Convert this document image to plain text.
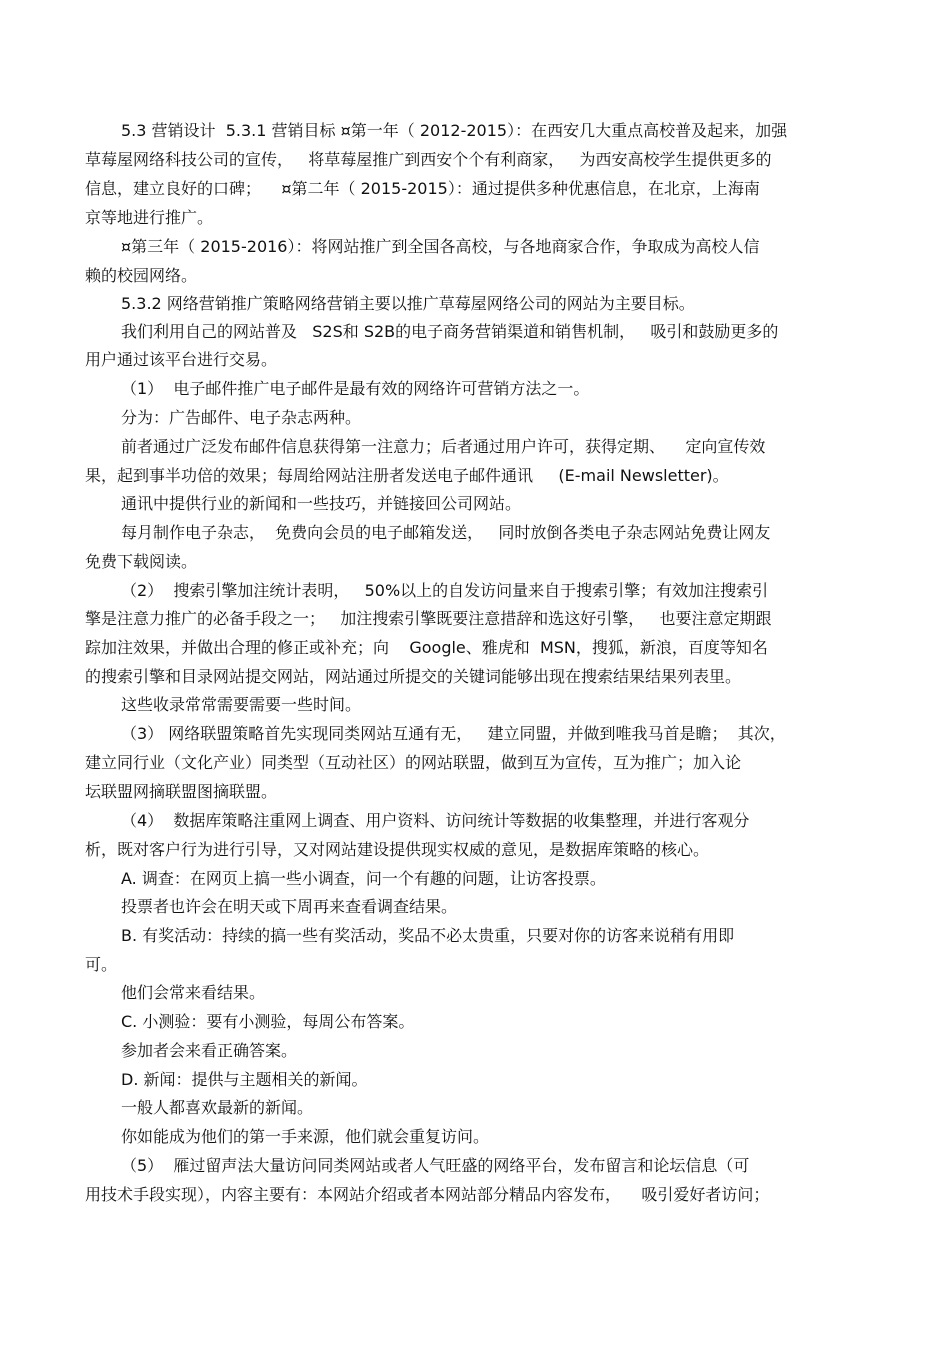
5.3 营销设计  5.3.1 营销目标 ¤第一年（ 2012-2015）：在西安几大重点高校普及起来，加强
草莓屋网络科技公司的宣传，   将草莓屋推广到西安个个有利商家，   为西安高校学生提供更多的
信息，建立良好的口碑；    ¤第二年（ 2015-2015）：通过提供多种优惠信息，在北京，上海南
京等地进行推广。
¤第三年（ 2015-2016）：将网站推广到全国各高校，与各地商家合作，争取成为高校人信
赖的校园网络。
5.3.2 网络营销推广策略网络营销主要以推广草莓屋网络公司的网站为主要目标。
我们利用自己的网站普及   S2S和 S2B的电子商务营销渠道和销售机制，   吸引和鼓励更多的
用户通过该平台进行交易。
（1）  电子邮件推广电子邮件是最有效的网络许可营销方法之一。
分为：广告邮件、电子杂志两种。
前者通过广泛发布邮件信息获得第一注意力；后者通过用户许可，获得定期、    定向宣传效
果，起到事半功倍的效果；每周给网站注册者发送电子邮件通讯     (E-mail Newsletter)。
通讯中提供行业的新闻和一些技巧，并链接回公司网站。
每月制作电子杂志，  免费向会员的电子邮箱发送，   同时放倒各类电子杂志网站免费让网友
免费下载阅读。
（2）  搜索引擎加注统计表明，   50%以上的自发访问量来自于搜索引擎；有效加注搜索引
擎是注意力推广的必备手段之一；   加注搜索引擎既要注意措辞和选这好引擎，   也要注意定期跟
踪加注效果，并做出合理的修正或补充；向    Google、雅虎和  MSN，搜狐，新浪，百度等知名
的搜索引擎和目录网站提交网站，网站通过所提交的关键词能够出现在搜索结果结果列表里。
这些收录常常需要需要一些时间。
（3） 网络联盟策略首先实现同类网站互通有无，   建立同盟，并做到唯我马首是瞻；  其次，
建立同行业（文化产业）同类型（互动社区）的网站联盟，做到互为宣传，互为推广；加入论
坛联盟网摘联盟图摘联盟。
（4）  数据库策略注重网上调查、用户资料、访问统计等数据的收集整理，并进行客观分
析，既对客户行为进行引导，又对网站建设提供现实权威的意见，是数据库策略的核心。
A. 调查：在网页上搞一些小调查，问一个有趣的问题，让访客投票。
投票者也许会在明天或下周再来查看调查结果。
B. 有奖活动：持续的搞一些有奖活动，奖品不必太贵重，只要对你的访客来说稍有用即
可。
他们会常来看结果。
C. 小测验：要有小测验，每周公布答案。
参加者会来看正确答案。
D. 新闻：提供与主题相关的新闻。
一般人都喜欢最新的新闻。
你如能成为他们的第一手来源，他们就会重复访问。
（5）  雁过留声法大量访问同类网站或者人气旺盛的网络平台，发布留言和论坛信息（可
用技术手段实现），内容主要有：本网站介绍或者本网站部分精品内容发布，    吸引爱好者访问；
